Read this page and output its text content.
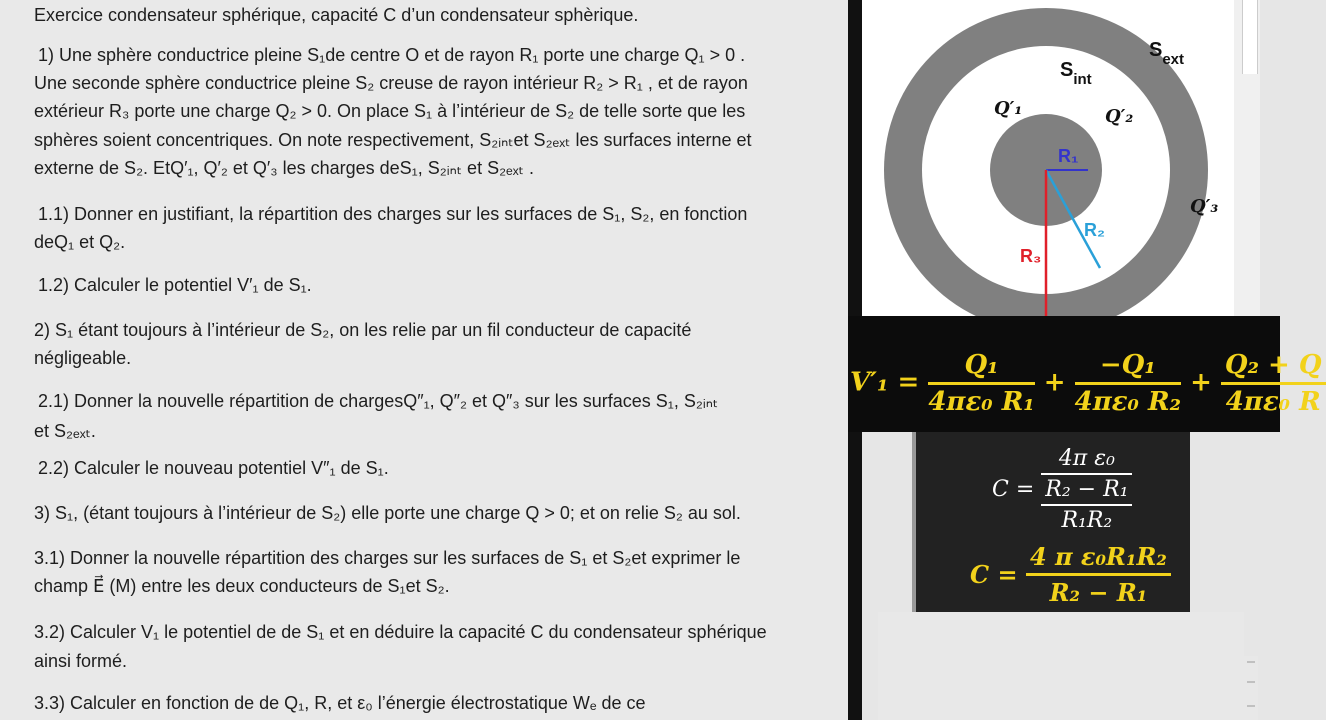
Exercice condensateur sphérique, capacité C d’un condensateur sphèrique.
1) Une sphère conductrice pleine S₁de centre O et de rayon R₁ porte une charge Q₁ > 0 .
Une seconde sphère conductrice pleine S₂ creuse de rayon intérieur R₂ > R₁ , et de rayon
extérieur R₃ porte une charge Q₂ > 0. On place S₁ à l’intérieur de S₂ de telle sorte que les
sphères soient concentriques. On note respectivement, S₂ᵢₙₜet S₂ₑₓₜ les surfaces interne et
externe de S₂. EtQ′₁, Q′₂ et Q′₃ les charges deS₁, S₂ᵢₙₜ et S₂ₑₓₜ .
1.1) Donner en justifiant, la répartition des charges sur les surfaces de S₁, S₂, en fonction
deQ₁ et Q₂.
1.2) Calculer le potentiel V′₁ de S₁.
2) S₁ étant toujours à l’intérieur de S₂, on les relie par un fil conducteur de capacité
négligeable.
2.1) Donner la nouvelle répartition de chargesQ″₁, Q″₂ et Q″₃ sur les surfaces S₁, S₂ᵢₙₜ
et S₂ₑₓₜ.
2.2) Calculer le nouveau potentiel V″₁ de S₁.
3) S₁, (étant toujours à l’intérieur de S₂) elle porte une charge Q > 0; et on relie S₂ au sol.
3.1) Donner la nouvelle répartition des charges sur les surfaces de S₁ et S₂et exprimer le
champ E⃗ (M) entre les deux conducteurs de S₁et S₂.
3.2) Calculer V₁ le potentiel de de S₁ et en déduire la capacité C du condensateur sphérique
ainsi formé.
3.3) Calculer en fonction de de Q₁, R, et ε₀ l’énergie électrostatique Wₑ de ce
$S_{ext}$
$S_{int}$
Q′₁	Q′₂
Q′₃
R₁
R₂
R₃
$V'_1 = \frac{\text{Q₁}}{\text{4πε₀ R₁}} + \frac{\text{−Q₁}}{\text{4πε₀ R₂}} + \frac{\text{Q₂ + Q}}{\text{4πε₀ R}}$
$C = \frac{\text{4π ε₀}}{\frac{\text{R₂ − R₁}}{\text{R₁R₂}}}$
$C = \frac{\text{4 π ε₀R₁R₂}}{\text{R₂ − R₁}}$
